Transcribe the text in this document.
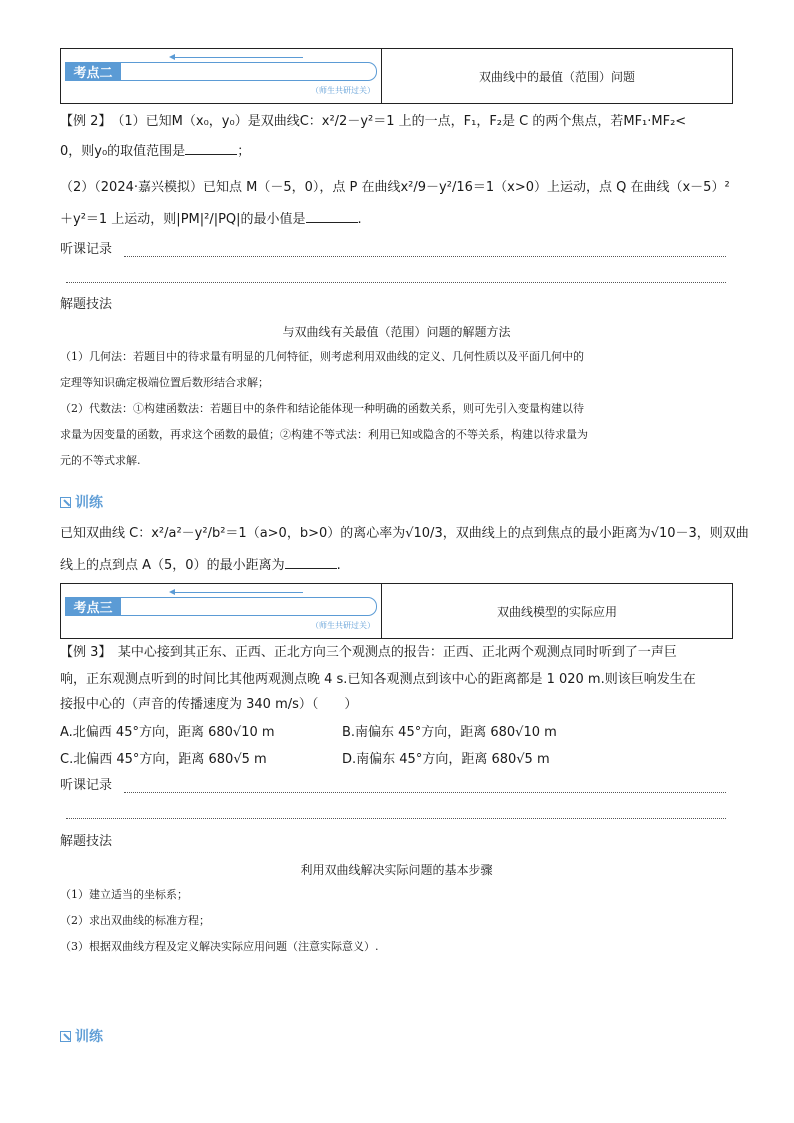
考点二
（师生共研过关）
双曲线中的最值（范围）问题
【例 2】　（1）已知M（x₀，y₀）是双曲线C：x²/2－y²＝1 上的一点，F₁，F₂是 C 的两个焦点，若MF₁·MF₂<
0，则y₀的取值范围是	；
（2）（2024·嘉兴模拟）已知点 M（－5，0），点 P 在曲线x²/9－y²/16＝1（x>0）上运动，点 Q 在曲线（x－5）²
＋y²＝1 上运动，则|PM|²/|PQ|的最小值是	.
听课记录
解题技法
与双曲线有关最值（范围）问题的解题方法
（1）几何法：若题目中的待求量有明显的几何特征，则考虑利用双曲线的定义、几何性质以及平面几何中的
定理等知识确定极端位置后数形结合求解；
（2）代数法：①构建函数法：若题目中的条件和结论能体现一种明确的函数关系，则可先引入变量构建以待
求量为因变量的函数，再求这个函数的最值；②构建不等式法：利用已知或隐含的不等关系，构建以待求量为
元的不等式求解.
训练
已知双曲线 C：x²/a²－y²/b²＝1（a>0，b>0）的离心率为√10/3，双曲线上的点到焦点的最小距离为√10－3，则双曲
线上的点到点 A（5，0）的最小距离为	.
考点三
（师生共研过关）
双曲线模型的实际应用
【例 3】　某中心接到其正东、正西、正北方向三个观测点的报告：正西、正北两个观测点同时听到了一声巨
响，正东观测点听到的时间比其他两观测点晚 4 s.已知各观测点到该中心的距离都是 1 020 m.则该巨响发生在
接报中心的（声音的传播速度为 340 m/s）（　　）
A.北偏西 45°方向，距离 680√10 m	B.南偏东 45°方向，距离 680√10 m
C.北偏西 45°方向，距离 680√5 m	D.南偏东 45°方向，距离 680√5 m
听课记录
解题技法
利用双曲线解决实际问题的基本步骤
（1）建立适当的坐标系；
（2）求出双曲线的标准方程；
（3）根据双曲线方程及定义解决实际应用问题（注意实际意义）.
训练
